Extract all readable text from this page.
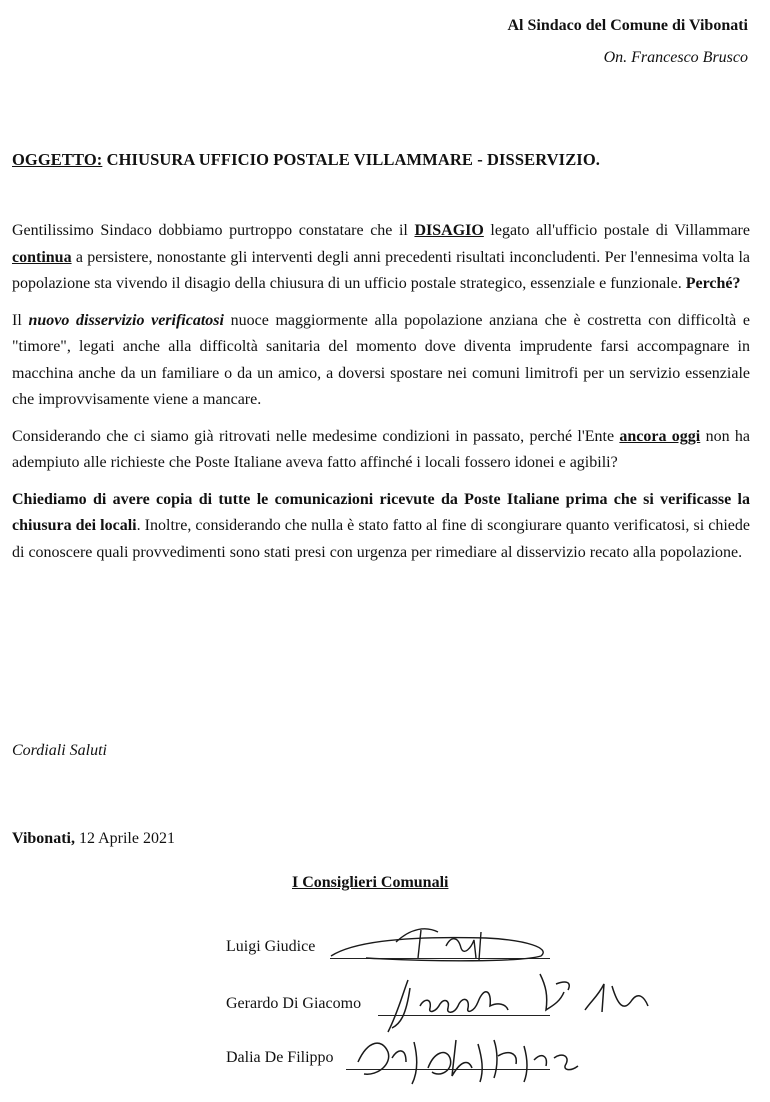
Al Sindaco del Comune di Vibonati
On. Francesco Brusco
OGGETTO: CHIUSURA UFFICIO POSTALE VILLAMMARE - DISSERVIZIO.

Gentilissimo Sindaco dobbiamo purtroppo constatare che il DISAGIO legato all'ufficio postale di Villammare continua a persistere, nonostante gli interventi degli anni precedenti risultati inconcludenti. Per l'ennesima volta la popolazione sta vivendo il disagio della chiusura di un ufficio postale strategico, essenziale e funzionale. Perché?

Il nuovo disservizio verificatosi nuoce maggiormente alla popolazione anziana che è costretta con difficoltà e "timore", legati anche alla difficoltà sanitaria del momento dove diventa imprudente farsi accompagnare in macchina anche da un familiare o da un amico, a doversi spostare nei comuni limitrofi per un servizio essenziale che improvvisamente viene a mancare.

Considerando che ci siamo già ritrovati nelle medesime condizioni in passato, perché l'Ente ancora oggi non ha adempiuto alle richieste che Poste Italiane aveva fatto affinché i locali fossero idonei e agibili?

Chiediamo di avere copia di tutte le comunicazioni ricevute da Poste Italiane prima che si verificasse la chiusura dei locali. Inoltre, considerando che nulla è stato fatto al fine di scongiurare quanto verificatosi, si chiede di conoscere quali provvedimenti sono stati presi con urgenza per rimediare al disservizio recato alla popolazione.

Cordiali Saluti
Vibonati, 12 Aprile 2021
I Consiglieri Comunali
Luigi Giudice
Gerardo Di Giacomo
Dalia De Filippo
